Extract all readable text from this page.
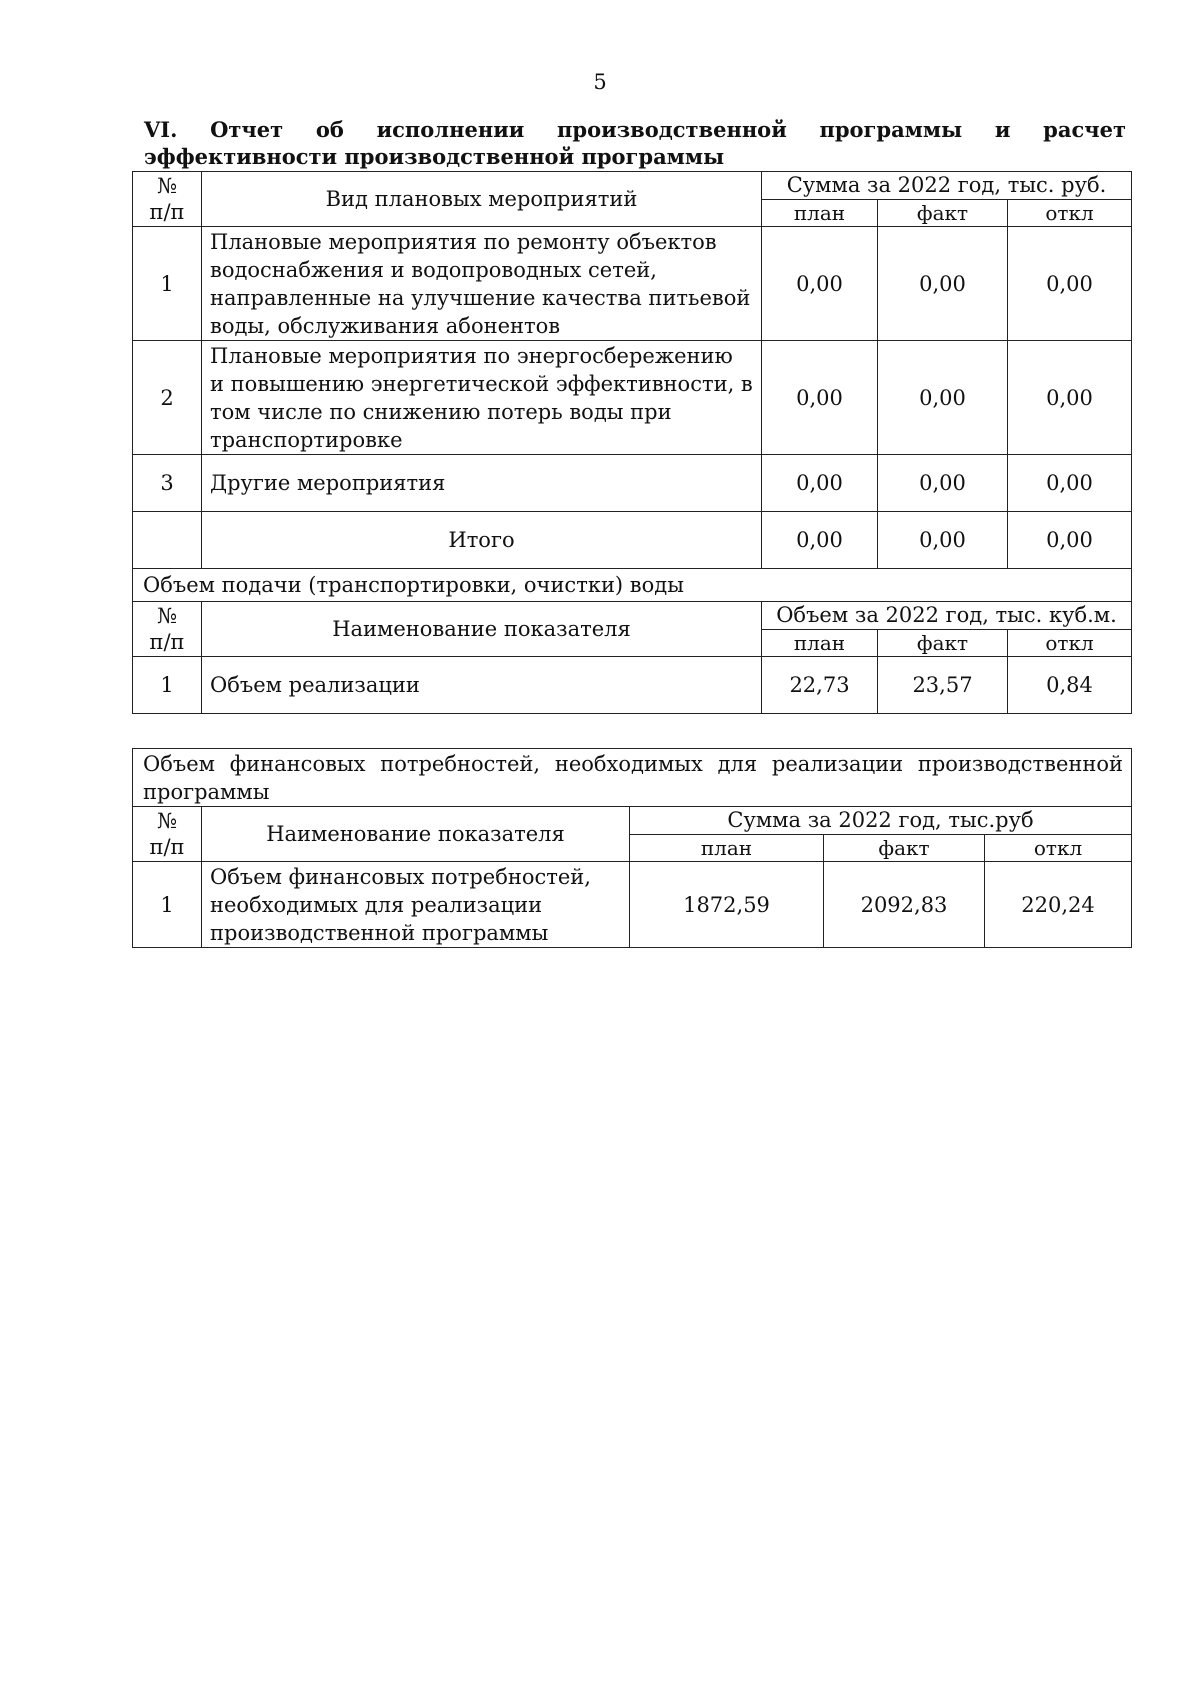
5
VI. Отчет об исполнении производственной программы и расчет эффективности производственной программы
№
п/п	Вид плановых мероприятий	Сумма за 2022 год, тыс. руб.		
		план	факт	откл
1	Плановые мероприятия по ремонту объектов водоснабжения и водопроводных сетей, направленные на улучшение качества питьевой воды, обслуживания абонентов	0,00	0,00	0,00
2	Плановые мероприятия по энергосбережению и повышению энергетической эффективности, в том числе по снижению потерь воды при транспортировке	0,00	0,00	0,00
3	Другие мероприятия	0,00	0,00	0,00
	Итого	0,00	0,00	0,00
Объем подачи (транспортировки, очистки) воды				
№
п/п	Наименование показателя	Объем за 2022 год, тыс. куб.м.		
		план	факт	откл
1	Объем реализации	22,73	23,57	0,84
Объем финансовых потребностей, необходимых для реализации производственной программы				
№
п/п	Наименование показателя	Сумма за 2022 год, тыс.руб		
		план	факт	откл
1	Объем финансовых потребностей, необходимых для реализации производственной программы	1872,59	2092,83	220,24
